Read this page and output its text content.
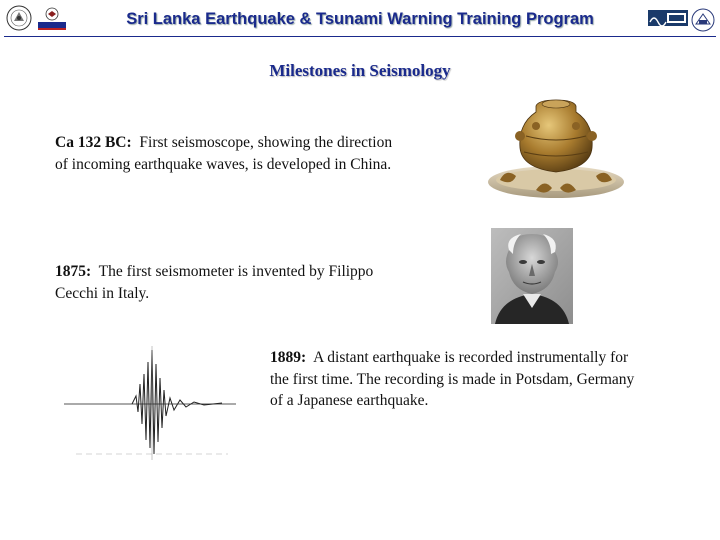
Sri Lanka Earthquake & Tsunami Warning Training Program
Milestones in Seismology
Ca 132 BC: First seismoscope, showing the direction of incoming earthquake waves, is developed in China.
1875: The first seismometer is invented by Filippo Cecchi in Italy.
1889: A distant earthquake is recorded instrumentally for the first time. The recording is made in Potsdam, Germany of a Japanese earthquake.
